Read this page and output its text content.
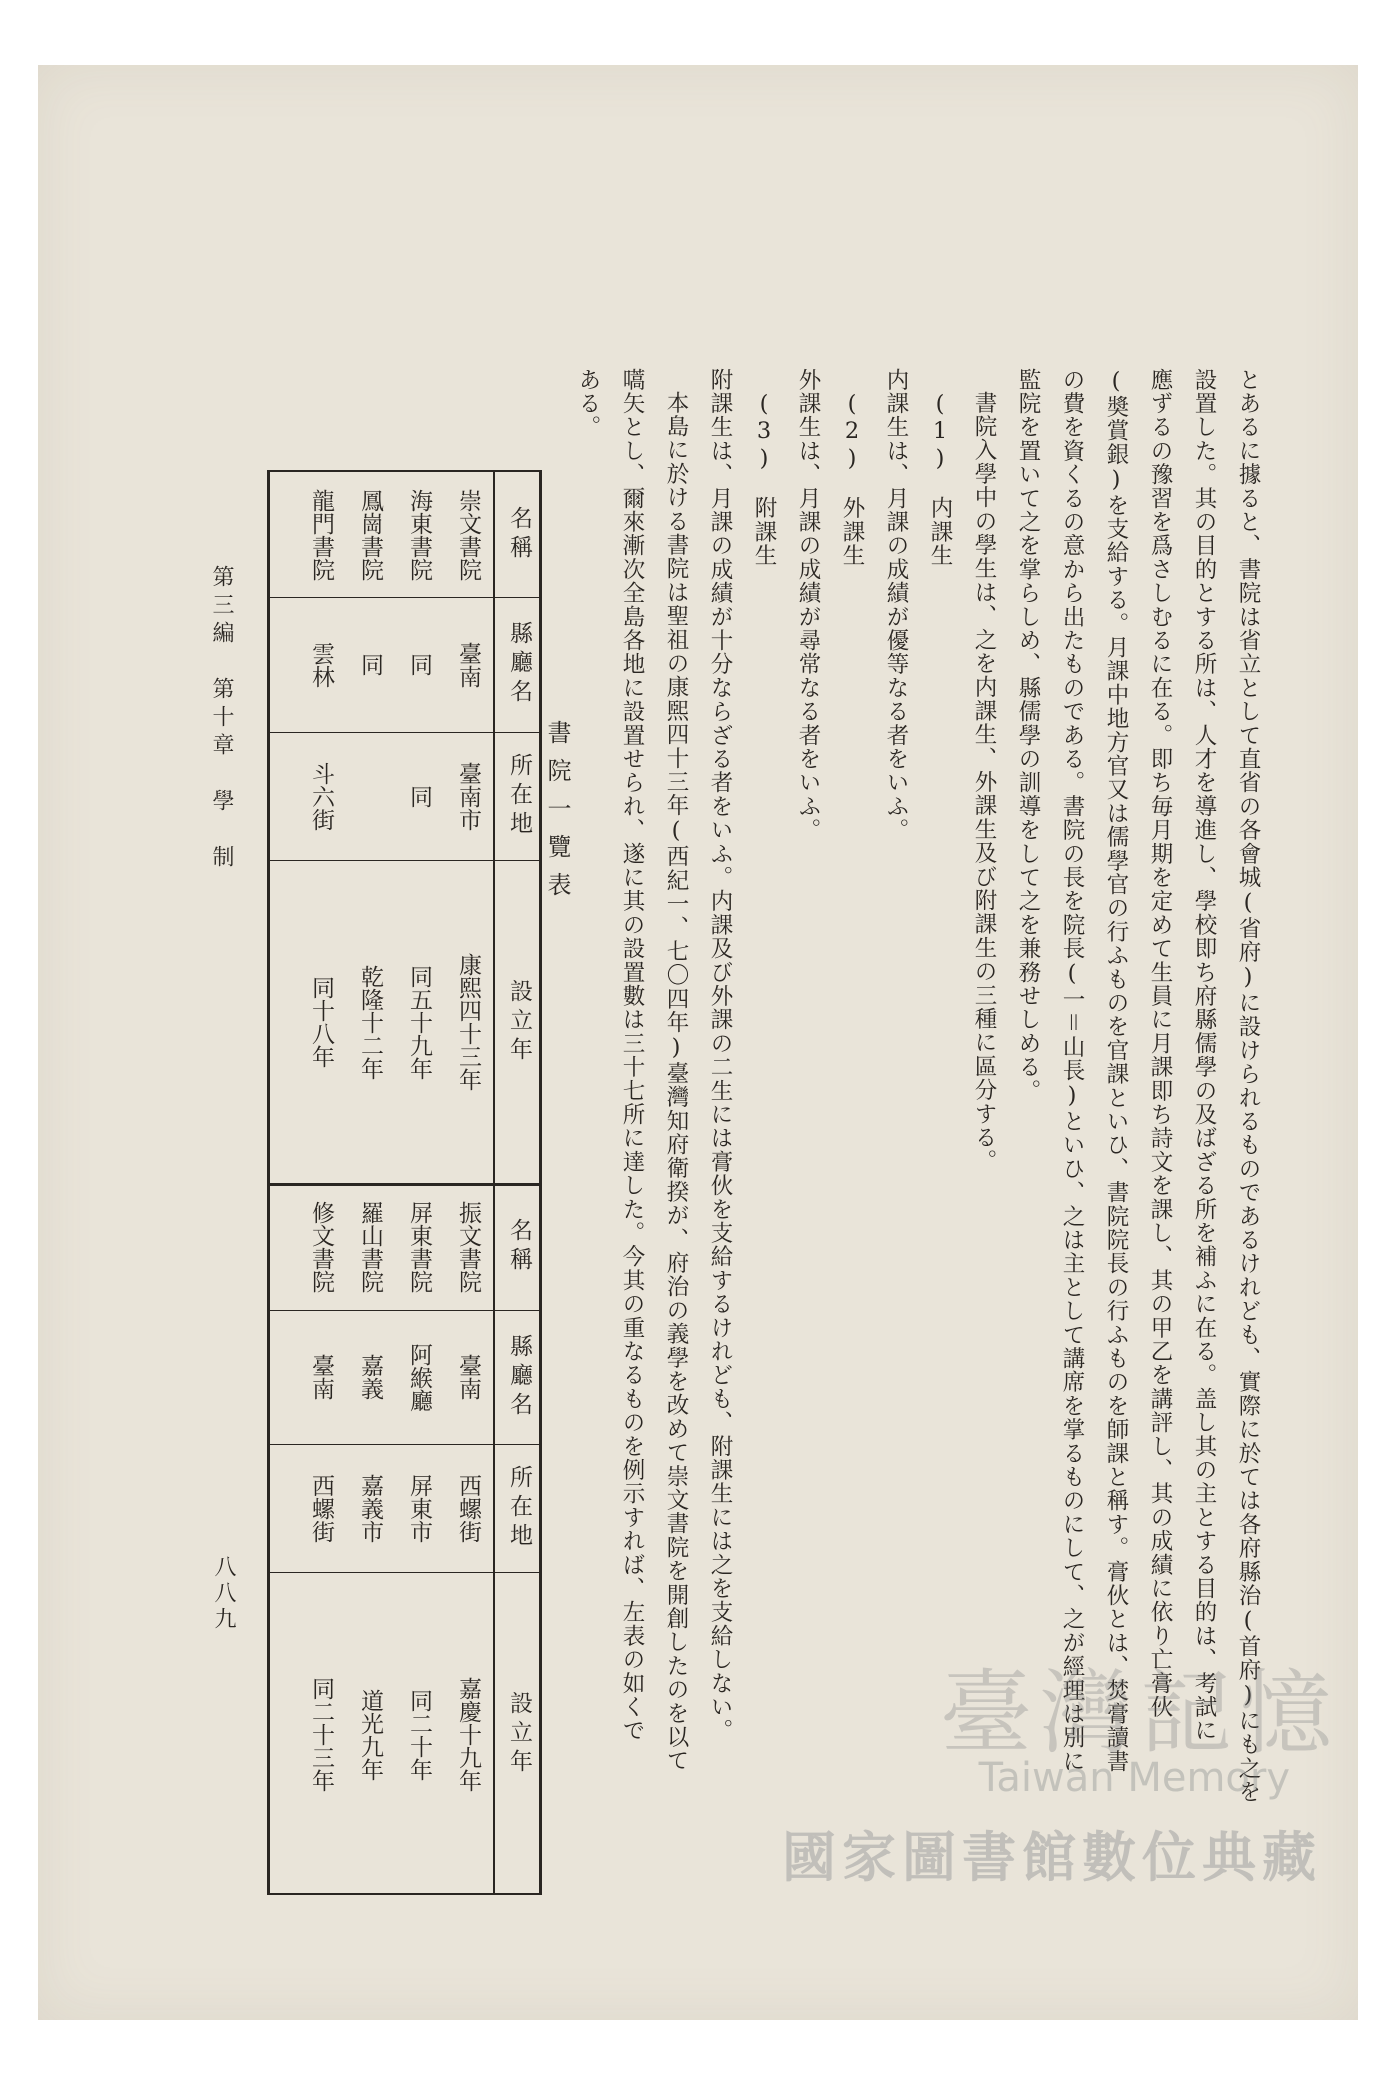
とあるに據ると、書院は省立として直省の各會城(省府)に設けられるものであるけれども、實際に於ては各府縣治(首府)にも之を
設置した。其の目的とする所は、人才を導進し、學校即ち府縣儒學の及ばざる所を補ふに在る。盖し其の主とする目的は、考試に
應ずるの豫習を爲さしむるに在る。即ち毎月期を定めて生員に月課即ち詩文を課し、其の甲乙を講評し、其の成績に依り亡膏伙
(奬賞銀)を支給する。月課中地方官又は儒學官の行ふものを官課といひ、書院院長の行ふものを師課と稱す。膏伙とは、焚膏讀書
の費を資くるの意から出たものである。書院の長を院長(一＝山長)といひ、之は主として講席を掌るものにして、之が經理は別に
監院を置いて之を掌らしめ、縣儒學の訓導をして之を兼務せしめる。
書院入學中の學生は、之を内課生、外課生及び附課生の三種に區分する。
(1)　内課生
内課生は、月課の成績が優等なる者をいふ。
(2)　外課生
外課生は、月課の成績が尋常なる者をいふ。
(3)　附課生
附課生は、月課の成績が十分ならざる者をいふ。内課及び外課の二生には膏伙を支給するけれども、附課生には之を支給しない。
本島に於ける書院は聖祖の康煕四十三年(西紀一、七〇四年)臺灣知府衛揆が、府治の義學を改めて崇文書院を開創したのを以て
嚆矢とし、爾來漸次全島各地に設置せられ、遂に其の設置數は三十七所に達した。今其の重なるものを例示すれば、左表の如くで
ある。
書院一覽表
名稱
崇文書院
海東書院
鳳崗書院
龍門書院
縣廳名
臺南
同
同
雲林
所在地
臺南市
同
斗六街
設立年
康熙四十三年
同五十九年
乾隆十二年
同十八年
名稱
振文書院
屏東書院
羅山書院
修文書院
縣廳名
臺南
阿緱廳
嘉義
臺南
所在地
西螺街
屏東市
嘉義市
西螺街
設立年
嘉慶十九年
同二十年
道光九年
同二十三年
第三編　第十章　學　制
八八九
臺灣記憶
Taiwan Memory
國家圖書館數位典藏
